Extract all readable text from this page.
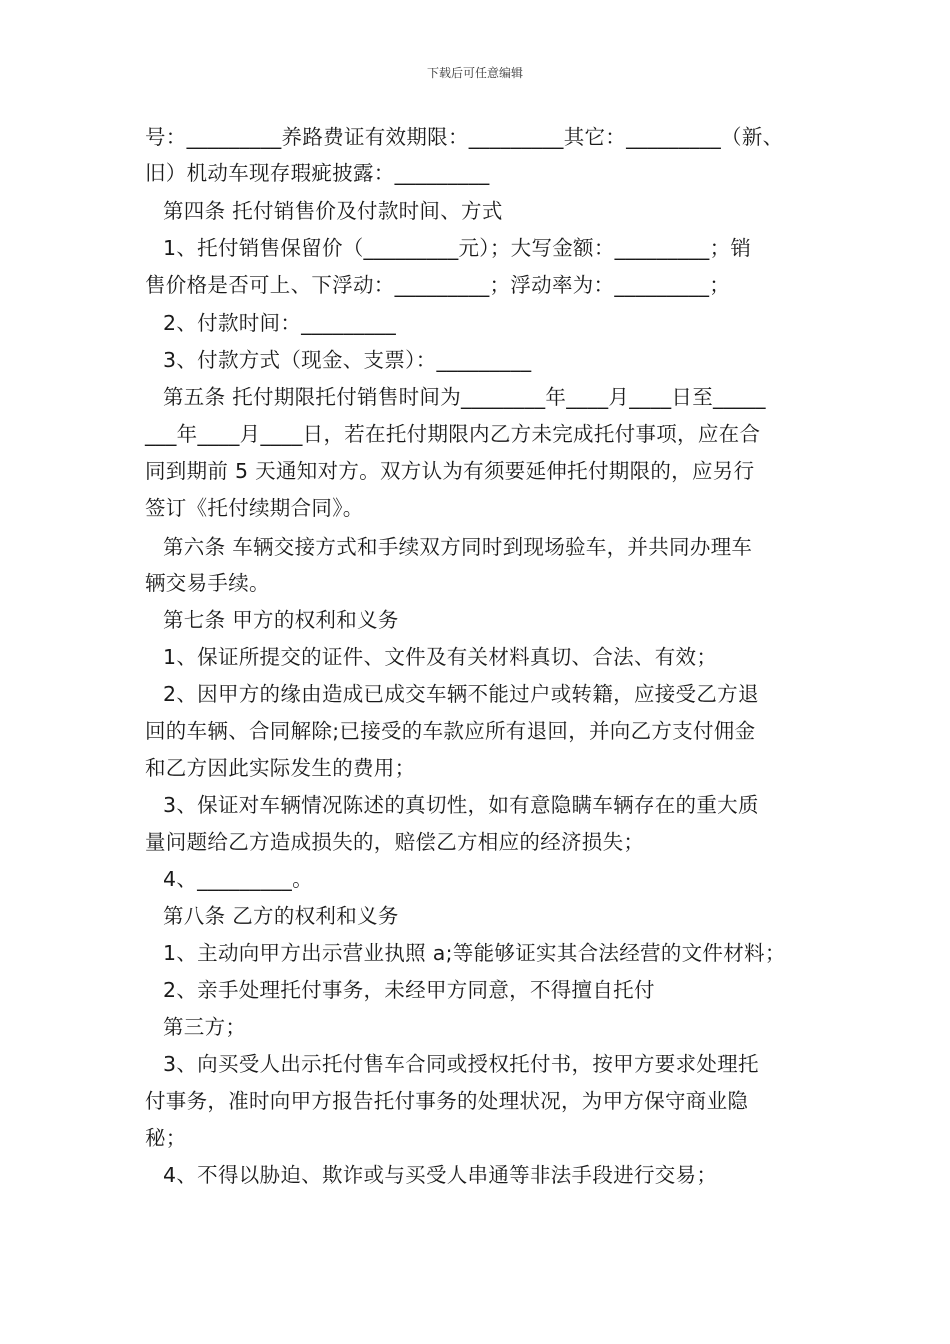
下载后可任意编辑
号：_________养路费证有效期限：_________其它：_________（新、
旧）机动车现存瑕疵披露：_________
第四条 托付销售价及付款时间、方式
1、托付销售保留价（_________元）；大写金额：_________；销
售价格是否可上、下浮动：_________；浮动率为：_________；
2、付款时间：_________
3、付款方式（现金、支票）：_________
第五条 托付期限托付销售时间为________年____月____日至_____
___年____月____日，若在托付期限内乙方未完成托付事项，应在合
同到期前 5 天通知对方。双方认为有须要延伸托付期限的，应另行
签订《托付续期合同》。
第六条 车辆交接方式和手续双方同时到现场验车，并共同办理车
辆交易手续。
第七条 甲方的权利和义务
1、保证所提交的证件、文件及有关材料真切、合法、有效；
2、因甲方的缘由造成已成交车辆不能过户或转籍，应接受乙方退
回的车辆、合同解除;已接受的车款应所有退回，并向乙方支付佣金
和乙方因此实际发生的费用；
3、保证对车辆情况陈述的真切性，如有意隐瞒车辆存在的重大质
量问题给乙方造成损失的，赔偿乙方相应的经济损失；
4、_________。
第八条 乙方的权利和义务
1、主动向甲方出示营业执照 a;等能够证实其合法经营的文件材料；
2、亲手处理托付事务，未经甲方同意，不得擅自托付
第三方；
3、向买受人出示托付售车合同或授权托付书，按甲方要求处理托
付事务，准时向甲方报告托付事务的处理状况，为甲方保守商业隐
秘；
4、不得以胁迫、欺诈或与买受人串通等非法手段进行交易；
